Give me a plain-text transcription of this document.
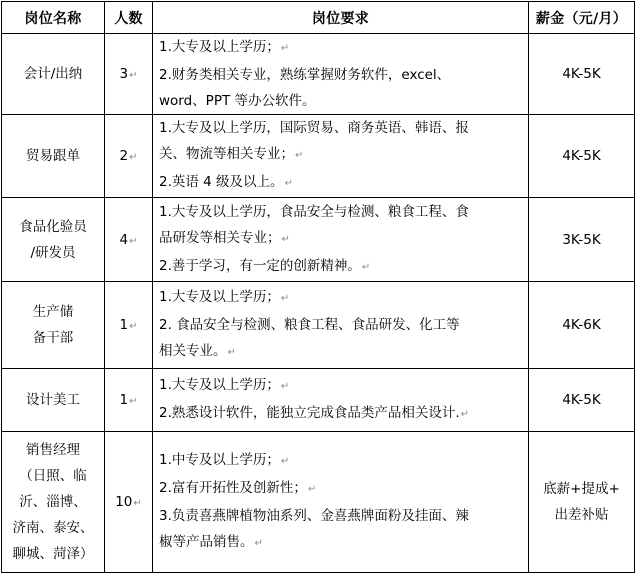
岗位名称	人数	岗位要求	薪金（元/月）

会计/出纳	3↵	1.大专及以上学历；↵
2.财务类相关专业，熟练掌握财务软件，excel、
word、PPT 等办公软件。	4K-5K

贸易跟单	2↵	1.大专及以上学历，国际贸易、商务英语、韩语、报
关、物流等相关专业；↵
2.英语 4 级及以上。↵	4K-5K

食品化验员
/研发员	4↵	1.大专及以上学历，食品安全与检测、粮食工程、食
品研发等相关专业；↵
2.善于学习，有一定的创新精神。↵	3K-5K

生产储
备干部	1↵	1.大专及以上学历；↵
2. 食品安全与检测、粮食工程、食品研发、化工等
相关专业。↵	4K-6K

设计美工	1↵	1.大专及以上学历；↵
2.熟悉设计软件，能独立完成食品类产品相关设计.↵	4K-5K

销售经理
（日照、临
沂、淄博、
济南、泰安、
聊城、菏泽）	10↵	1.中专及以上学历；↵
2.富有开拓性及创新性；↵
3.负责喜燕牌植物油系列、金喜燕牌面粉及挂面、辣
椒等产品销售。↵	底薪+提成+
出差补贴
